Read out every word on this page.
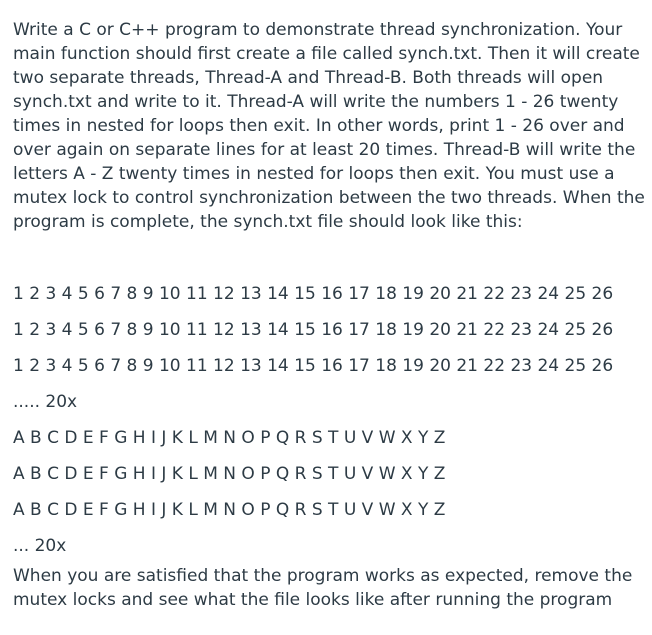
Write a C or C++ program to demonstrate thread synchronization. Your
main function should first create a file called synch.txt. Then it will create
two separate threads, Thread-A and Thread-B. Both threads will open
synch.txt and write to it. Thread-A will write the numbers 1 - 26 twenty
times in nested for loops then exit. In other words, print 1 - 26 over and
over again on separate lines for at least 20 times. Thread-B will write the
letters A - Z twenty times in nested for loops then exit. You must use a
mutex lock to control synchronization between the two threads. When the
program is complete, the synch.txt file should look like this:

1 2 3 4 5 6 7 8 9 10 11 12 13 14 15 16 17 18 19 20 21 22 23 24 25 26

1 2 3 4 5 6 7 8 9 10 11 12 13 14 15 16 17 18 19 20 21 22 23 24 25 26

1 2 3 4 5 6 7 8 9 10 11 12 13 14 15 16 17 18 19 20 21 22 23 24 25 26

..... 20x

A B C D E F G H I J K L M N O P Q R S T U V W X Y Z

A B C D E F G H I J K L M N O P Q R S T U V W X Y Z

A B C D E F G H I J K L M N O P Q R S T U V W X Y Z

... 20x

When you are satisfied that the program works as expected, remove the
mutex locks and see what the file looks like after running the program
